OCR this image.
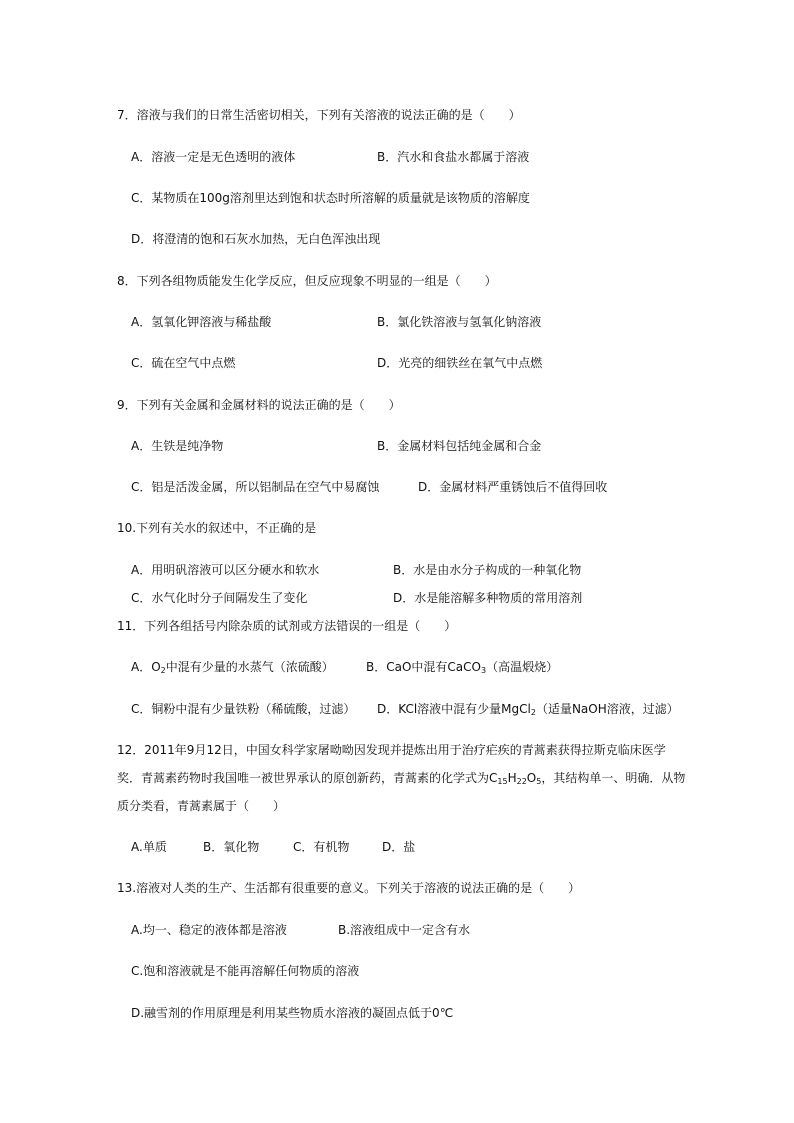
7．溶液与我们的日常生活密切相关，下列有关溶液的说法正确的是（　　）
A．溶液一定是无色透明的液体	B．汽水和食盐水都属于溶液
C．某物质在100g溶剂里达到饱和状态时所溶解的质量就是该物质的溶解度
D．将澄清的饱和石灰水加热，无白色浑浊出现
8．下列各组物质能发生化学反应，但反应现象不明显的一组是（　　）
A．氢氧化钾溶液与稀盐酸	B．氯化铁溶液与氢氧化钠溶液
C．硫在空气中点燃	D．光亮的细铁丝在氧气中点燃
9．下列有关金属和金属材料的说法正确的是（　　）
A．生铁是纯净物	B．金属材料包括纯金属和合金
C．铝是活泼金属，所以铝制品在空气中易腐蚀	D．金属材料严重锈蚀后不值得回收
10.下列有关水的叙述中，不正确的是
A．用明矾溶液可以区分硬水和软水	B．水是由水分子构成的一种氧化物
C．水气化时分子间隔发生了变化	D．水是能溶解多种物质的常用溶剂
11．下列各组括号内除杂质的试剂或方法错误的一组是（　　）
A．$O_2$中混有少量的水蒸气（浓硫酸）	B．CaO中混有CaCO$_3$（高温煅烧）
C．铜粉中混有少量铁粉（稀硫酸，过滤） D．KCl溶液中混有少量MgCl$_2$（适量NaOH溶液，过滤）
12．2011年9月12日，中国女科学家屠呦呦因发现并提炼出用于治疗疟疾的青蒿素获得拉斯克临床医学
奖．青蒿素药物时我国唯一被世界承认的原创新药，青蒿素的化学式为$C_{15}H_{22}O_5$，其结构单一、明确．从物
质分类看，青蒿素属于（　　）
A.单质	B．氧化物	C．有机物	D．盐
13.溶液对人类的生产、生活都有很重要的意义。下列关于溶液的说法正确的是（　　）
A.均一、稳定的液体都是溶液	B.溶液组成中一定含有水
C.饱和溶液就是不能再溶解任何物质的溶液
D.融雪剂的作用原理是利用某些物质水溶液的凝固点低于0℃
